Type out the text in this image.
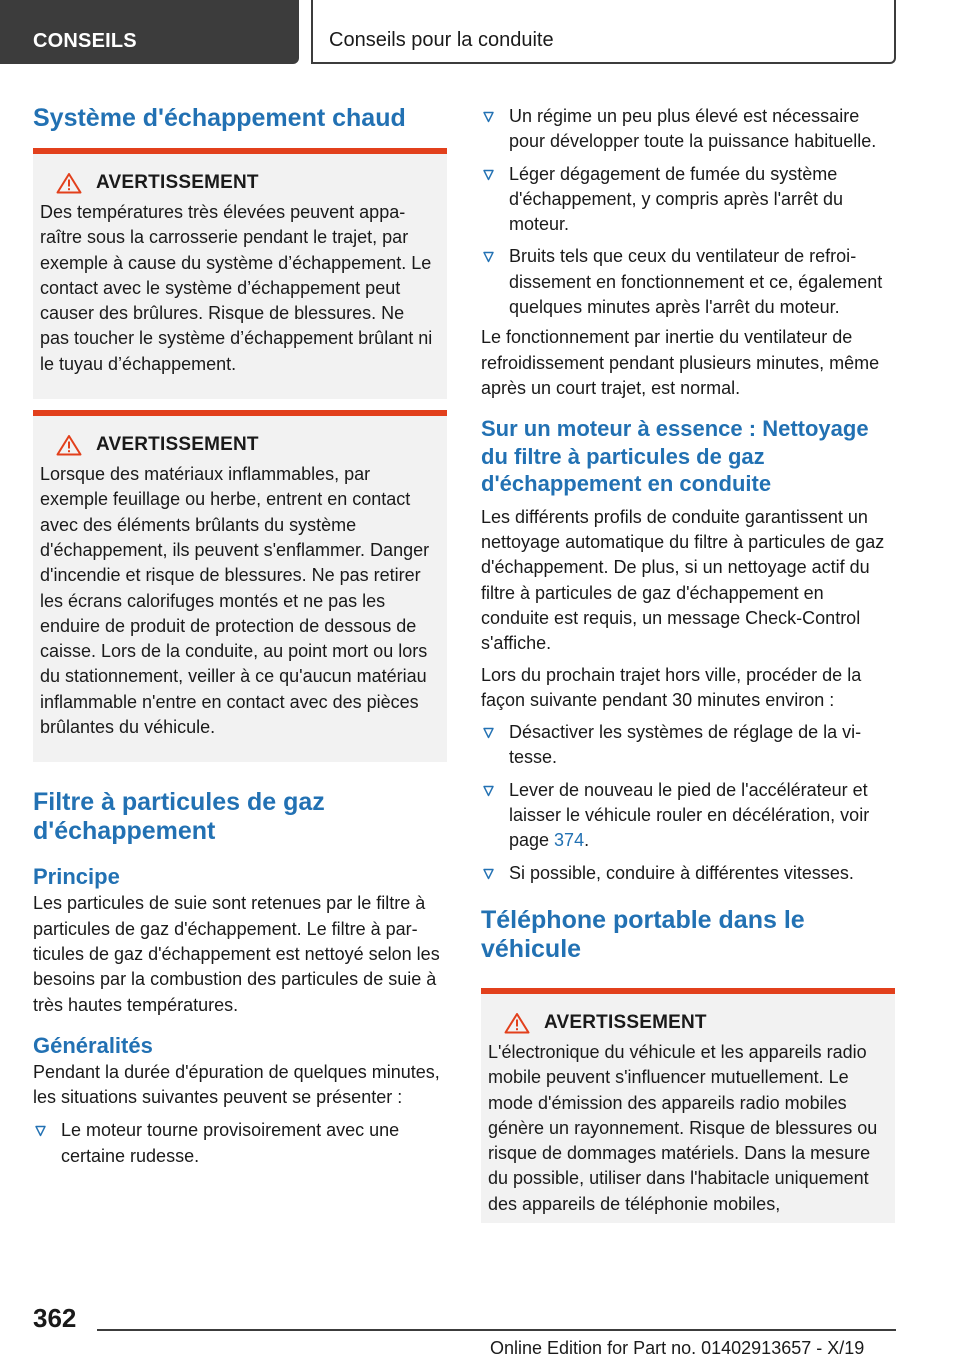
CONSEILS	Conseils pour la conduite
Système d'échappement chaud
AVERTISSEMENT

Des températures très élevées peuvent apparaître sous la carrosserie pendant le trajet, par exemple à cause du système d’échappement. Le contact avec le système d’échappement peut causer des brûlures. Risque de blessures. Ne pas toucher le système d’échappement brûlant ni le tuyau d’échappement.

AVERTISSEMENT

Lorsque des matériaux inflammables, par exemple feuillage ou herbe, entrent en contact avec des éléments brûlants du système d'échappement, ils peuvent s'enflammer. Danger d'incendie et risque de blessures. Ne pas retirer les écrans calorifuges montés et ne pas les enduire de produit de protection de dessous de caisse. Lors de la conduite, au point mort ou lors du stationnement, veiller à ce qu'aucun matériau inflammable n'entre en contact avec des pièces brûlantes du véhicule.

Filtre à particules de gaz d'échappement
Principe

Les particules de suie sont retenues par le filtre à particules de gaz d'échappement. Le filtre à particules de gaz d'échappement est nettoyé selon les besoins par la combustion des particules de suie à très hautes températures.

Généralités

Pendant la durée d'épuration de quelques minutes, les situations suivantes peuvent se présenter :

Le moteur tourne provisoirement avec une certaine rudesse.
Un régime un peu plus élevé est nécessaire pour développer toute la puissance habituelle.
Léger dégagement de fumée du système d'échappement, y compris après l'arrêt du moteur.
Bruits tels que ceux du ventilateur de refroidissement en fonctionnement et ce, également quelques minutes après l'arrêt du moteur.

Le fonctionnement par inertie du ventilateur de refroidissement pendant plusieurs minutes, même après un court trajet, est normal.

Sur un moteur à essence : Nettoyage du filtre à particules de gaz d'échappement en conduite

Les différents profils de conduite garantissent un nettoyage automatique du filtre à particules de gaz d'échappement. De plus, si un nettoyage actif du filtre à particules de gaz d'échappement en conduite est requis, un message Check-Control s'affiche.

Lors du prochain trajet hors ville, procéder de la façon suivante pendant 30 minutes environ :

Désactiver les systèmes de réglage de la vitesse.
Lever de nouveau le pied de l'accélérateur et laisser le véhicule rouler en décélération, voir page 374.
Si possible, conduire à différentes vitesses.
Téléphone portable dans le véhicule
AVERTISSEMENT

L'électronique du véhicule et les appareils radio mobile peuvent s'influencer mutuellement. Le mode d'émission des appareils radio mobiles génère un rayonnement. Risque de blessures ou risque de dommages matériels. Dans la mesure du possible, utiliser dans l'habitacle uniquement des appareils de téléphonie mobiles,

362
Online Edition for Part no. 01402913657 - X/19
